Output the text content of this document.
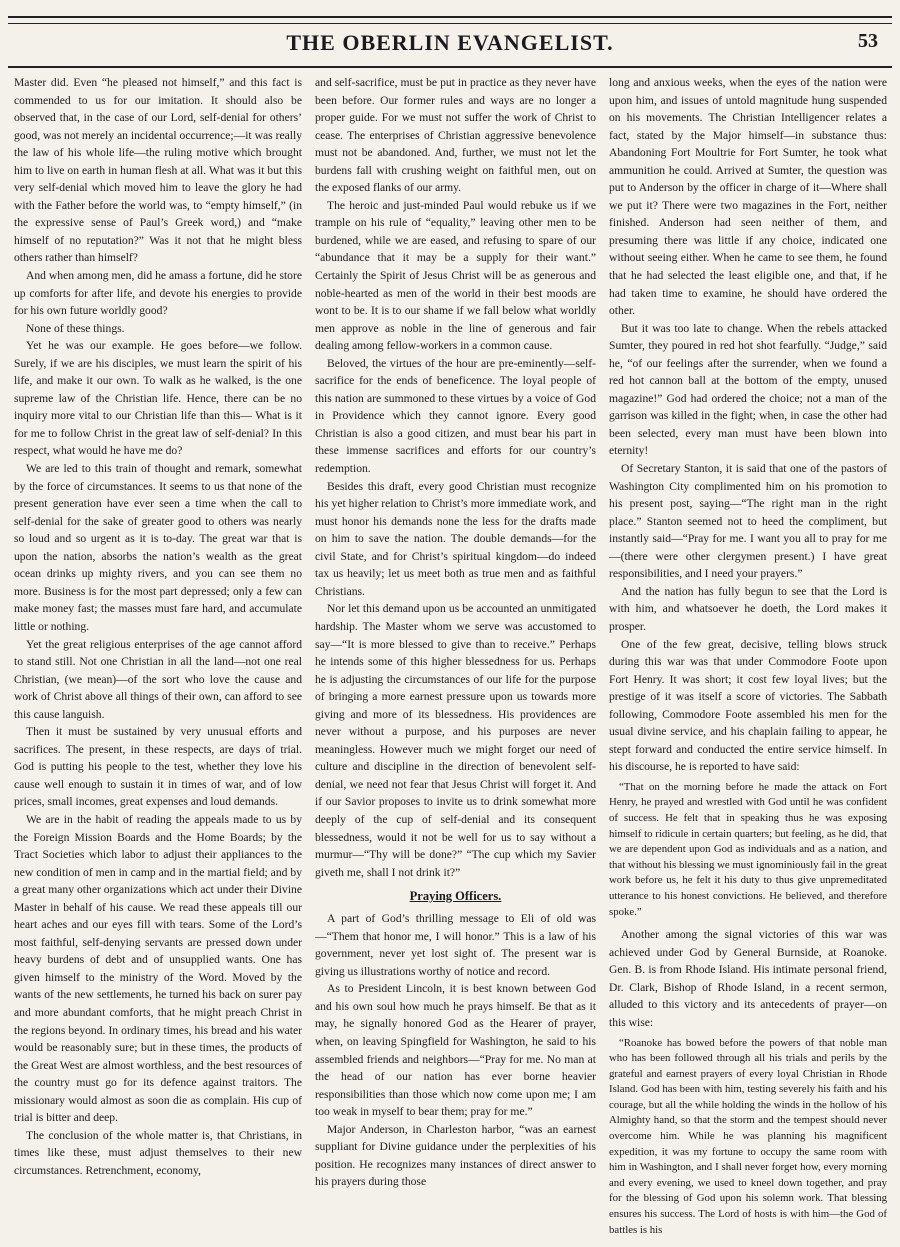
THE OBERLIN EVANGELIST.	53

Master did. Even “he pleased not himself,” and this fact is commended to us for our imitation. It should also be observed that, in the case of our Lord, self-denial for others’ good, was not merely an incidental occurrence;—it was really the law of his whole life—the ruling motive which brought him to live on earth in human flesh at all. What was it but this very self-denial which moved him to leave the glory he had with the Father before the world was, to “empty himself,” (in the expressive sense of Paul’s Greek word,) and “make himself of no reputation?” Was it not that he might bless others rather than himself?

And when among men, did he amass a fortune, did he store up comforts for after life, and devote his energies to provide for his own future worldly good?

None of these things.

Yet he was our example. He goes before—we follow. Surely, if we are his disciples, we must learn the spirit of his life, and make it our own. To walk as he walked, is the one supreme law of the Christian life. Hence, there can be no inquiry more vital to our Christian life than this— What is it for me to follow Christ in the great law of self-denial? In this respect, what would he have me do?

We are led to this train of thought and remark, somewhat by the force of circumstances. It seems to us that none of the present generation have ever seen a time when the call to self-denial for the sake of greater good to others was nearly so loud and so urgent as it is to-day. The great war that is upon the nation, absorbs the nation’s wealth as the great ocean drinks up mighty rivers, and you can see them no more. Business is for the most part depressed; only a few can make money fast; the masses must fare hard, and accumulate little or nothing.

Yet the great religious enterprises of the age cannot afford to stand still. Not one Christian in all the land—not one real Christian, (we mean)—of the sort who love the cause and work of Christ above all things of their own, can afford to see this cause languish.

Then it must be sustained by very unusual efforts and sacrifices. The present, in these respects, are days of trial. God is putting his people to the test, whether they love his cause well enough to sustain it in times of war, and of low prices, small incomes, great expenses and loud demands.

We are in the habit of reading the appeals made to us by the Foreign Mission Boards and the Home Boards; by the Tract Societies which labor to adjust their appliances to the new condition of men in camp and in the martial field; and by a great many other organizations which act under their Divine Master in behalf of his cause. We read these appeals till our heart aches and our eyes fill with tears. Some of the Lord’s most faithful, self-denying servants are pressed down under heavy burdens of debt and of unsupplied wants. One has given himself to the ministry of the Word. Moved by the wants of the new settlements, he turned his back on surer pay and more abundant comforts, that he might preach Christ in the regions beyond. In ordinary times, his bread and his water would be reasonably sure; but in these times, the products of the Great West are almost worthless, and the best resources of the country must go for its defence against traitors. The missionary would almost as soon die as complain. His cup of trial is bitter and deep.

The conclusion of the whole matter is, that Christians, in times like these, must adjust themselves to their new circumstances. Retrenchment, economy,

and self-sacrifice, must be put in practice as they never have been before. Our former rules and ways are no longer a proper guide. For we must not suffer the work of Christ to cease. The enterprises of Christian aggressive benevolence must not be abandoned. And, further, we must not let the burdens fall with crushing weight on faithful men, out on the exposed flanks of our army.

The heroic and just-minded Paul would rebuke us if we trample on his rule of “equality,” leaving other men to be burdened, while we are eased, and refusing to spare of our “abundance that it may be a supply for their want.” Certainly the Spirit of Jesus Christ will be as generous and noble-hearted as men of the world in their best moods are wont to be. It is to our shame if we fall below what worldly men approve as noble in the line of generous and fair dealing among fellow-workers in a common cause.

Beloved, the virtues of the hour are pre-eminently—self-sacrifice for the ends of beneficence. The loyal people of this nation are summoned to these virtues by a voice of God in Providence which they cannot ignore. Every good Christian is also a good citizen, and must bear his part in these immense sacrifices and efforts for our country’s redemption.

Besides this draft, every good Christian must recognize his yet higher relation to Christ’s more immediate work, and must honor his demands none the less for the drafts made on him to save the nation. The double demands—for the civil State, and for Christ’s spiritual kingdom—do indeed tax us heavily; let us meet both as true men and as faithful Christians.

Nor let this demand upon us be accounted an unmitigated hardship. The Master whom we serve was accustomed to say—“It is more blessed to give than to receive.” Perhaps he intends some of this higher blessedness for us. Perhaps he is adjusting the circumstances of our life for the purpose of bringing a more earnest pressure upon us towards more giving and more of its blessedness. His providences are never without a purpose, and his purposes are never meaningless. However much we might forget our need of culture and discipline in the direction of benevolent self-denial, we need not fear that Jesus Christ will forget it. And if our Savior proposes to invite us to drink somewhat more deeply of the cup of self-denial and its consequent blessedness, would it not be well for us to say without a murmur—“Thy will be done?” “The cup which my Savier giveth me, shall I not drink it?”

Praying Officers.

A part of God’s thrilling message to Eli of old was—“Them that honor me, I will honor.” This is a law of his government, never yet lost sight of. The present war is giving us illustrations worthy of notice and record.

As to President Lincoln, it is best known between God and his own soul how much he prays himself. Be that as it may, he signally honored God as the Hearer of prayer, when, on leaving Spingfield for Washington, he said to his assembled friends and neighbors—“Pray for me. No man at the head of our nation has ever borne heavier responsibilities than those which now come upon me; I am too weak in myself to bear them; pray for me.”

Major Anderson, in Charleston harbor, “was an earnest suppliant for Divine guidance under the perplexities of his position. He recognizes many instances of direct answer to his prayers during those

long and anxious weeks, when the eyes of the nation were upon him, and issues of untold magnitude hung suspended on his movements. The Christian Intelligencer relates a fact, stated by the Major himself—in substance thus: Abandoning Fort Moultrie for Fort Sumter, he took what ammunition he could. Arrived at Sumter, the question was put to Anderson by the officer in charge of it—Where shall we put it? There were two magazines in the Fort, neither finished. Anderson had seen neither of them, and presuming there was little if any choice, indicated one without seeing either. When he came to see them, he found that he had selected the least eligible one, and that, if he had taken time to examine, he should have ordered the other.

But it was too late to change. When the rebels attacked Sumter, they poured in red hot shot fearfully. “Judge,” said he, “of our feelings after the surrender, when we found a red hot cannon ball at the bottom of the empty, unused magazine!” God had ordered the choice; not a man of the garrison was killed in the fight; when, in case the other had been selected, every man must have been blown into eternity!

Of Secretary Stanton, it is said that one of the pastors of Washington City complimented him on his promotion to his present post, saying—“The right man in the right place.” Stanton seemed not to heed the compliment, but instantly said—“Pray for me. I want you all to pray for me—(there were other clergymen present.) I have great responsibilities, and I need your prayers.”

And the nation has fully begun to see that the Lord is with him, and whatsoever he doeth, the Lord makes it prosper.

One of the few great, decisive, telling blows struck during this war was that under Commodore Foote upon Fort Henry. It was short; it cost few loyal lives; but the prestige of it was itself a score of victories. The Sabbath following, Commodore Foote assembled his men for the usual divine service, and his chaplain failing to appear, he stept forward and conducted the entire service himself. In his discourse, he is reported to have said:

“That on the morning before he made the attack on Fort Henry, he prayed and wrestled with God until he was confident of success. He felt that in speaking thus he was exposing himself to ridicule in certain quarters; but feeling, as he did, that we are dependent upon God as individuals and as a nation, and that without his blessing we must ignominiously fail in the great work before us, he felt it his duty to thus give unpremeditated utterance to his honest convictions. He believed, and therefore spoke.”

Another among the signal victories of this war was achieved under God by General Burnside, at Roanoke. Gen. B. is from Rhode Island. His intimate personal friend, Dr. Clark, Bishop of Rhode Island, in a recent sermon, alluded to this victory and its antecedents of prayer—on this wise:

“Roanoke has bowed before the powers of that noble man who has been followed through all his trials and perils by the grateful and earnest prayers of every loyal Christian in Rhode Island. God has been with him, testing severely his faith and his courage, but all the while holding the winds in the hollow of his Almighty hand, so that the storm and the tempest should never overcome him. While he was planning his magnificent expedition, it was my fortune to occupy the same room with him in Washington, and I shall never forget how, every morning and every evening, we used to kneel down together, and pray for the blessing of God upon his solemn work. That blessing ensures his success. The Lord of hosts is with him—the God of battles is his
